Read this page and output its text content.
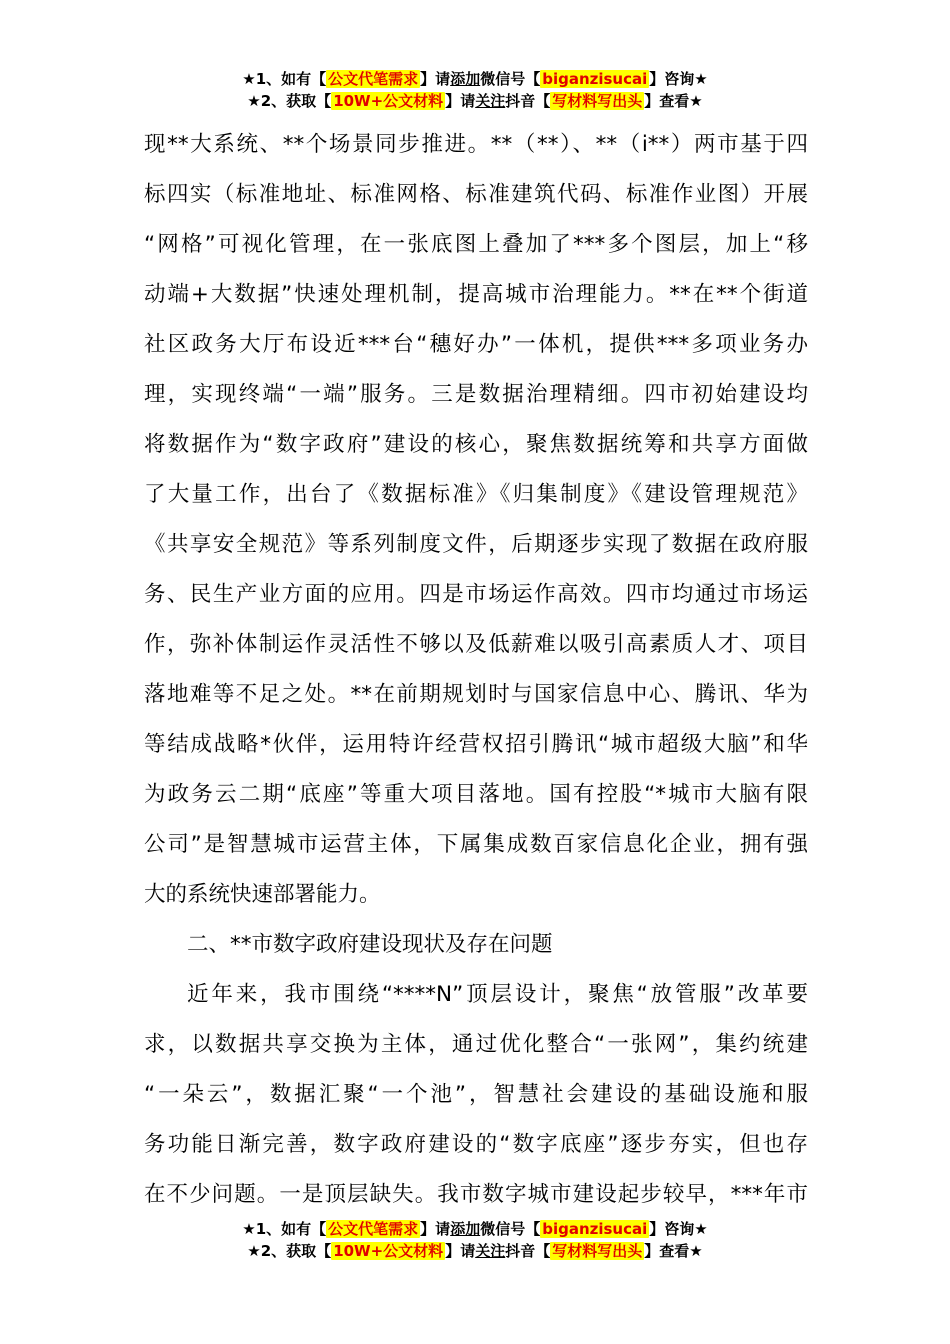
★1、如有【 公文代笔需求 】请添加微信号【 biganzisucai 】咨询★
★2、获取【 10W+公文材料 】请关注抖音【 写材料写出头 】查看★
现**大系统、**个场景同步推进。**（**）、**（i**）两市基于四
标四实（标准地址、标准网格、标准建筑代码、标准作业图）开展
“网格”可视化管理，在一张底图上叠加了***多个图层，加上“移
动端+大数据”快速处理机制，提高城市治理能力。**在**个街道
社区政务大厅布设近***台“穗好办”一体机，提供***多项业务办
理，实现终端“一端”服务。三是数据治理精细。四市初始建设均
将数据作为“数字政府”建设的核心，聚焦数据统筹和共享方面做
了大量工作，出台了《数据标准》《归集制度》《建设管理规范》
《共享安全规范》等系列制度文件，后期逐步实现了数据在政府服
务、民生产业方面的应用。四是市场运作高效。四市均通过市场运
作，弥补体制运作灵活性不够以及低薪难以吸引高素质人才、项目
落地难等不足之处。**在前期规划时与国家信息中心、腾讯、华为
等结成战略*伙伴，运用特许经营权招引腾讯“城市超级大脑”和华
为政务云二期“底座”等重大项目落地。国有控股“*城市大脑有限
公司”是智慧城市运营主体，下属集成数百家信息化企业，拥有强
大的系统快速部署能力。
二、**市数字政府建设现状及存在问题
近年来，我市围绕“****N”顶层设计，聚焦“放管服”改革要
求，以数据共享交换为主体，通过优化整合“一张网”，集约统建
“一朵云”，数据汇聚“一个池”，智慧社会建设的基础设施和服
务功能日渐完善，数字政府建设的“数字底座”逐步夯实，但也存
在不少问题。一是顶层缺失。我市数字城市建设起步较早，***年市
★1、如有【 公文代笔需求 】请添加微信号【 biganzisucai 】咨询★
★2、获取【 10W+公文材料 】请关注抖音【 写材料写出头 】查看★
